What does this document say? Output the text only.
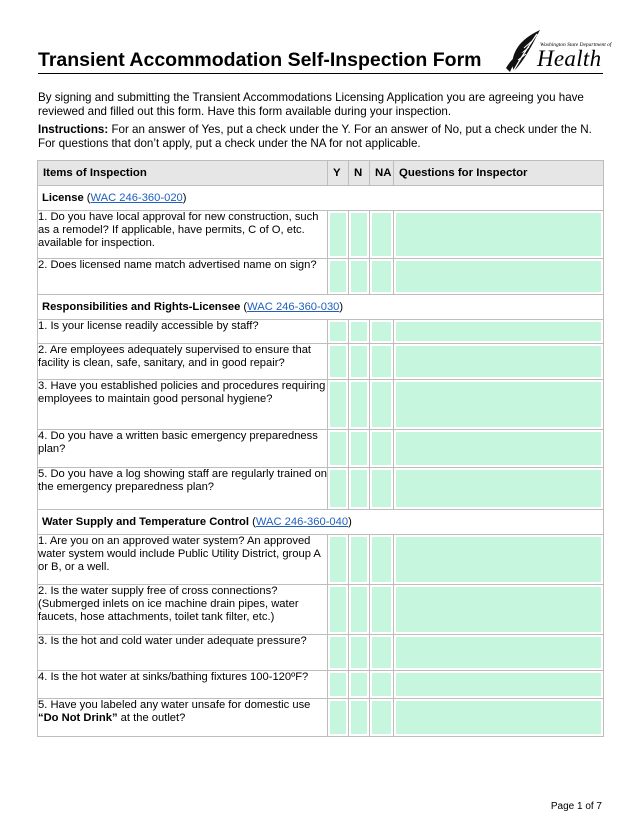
Transient Accommodation Self-Inspection Form
Washington State Department of
Health

By signing and submitting the Transient Accommodations Licensing Application you are agreeing you have reviewed and filled out this form. Have this form available during your inspection.

Instructions: For an answer of Yes, put a check under the Y. For an answer of No, put a check under the N. For questions that don’t apply, put a check under the NA for not applicable.

Items of Inspection	Y	N	NA	Questions for Inspector
License (WAC 246-360-020)				
1. Do you have local approval for new construction, such as a remodel? If applicable, have permits, C of O, etc. available for inspection.	

2. Does licensed name match advertised name on sign?	

Responsibilities and Rights-Licensee (WAC 246-360-030)				
1. Is your license readily accessible by staff?	

2. Are employees adequately supervised to ensure that facility is clean, safe, sanitary, and in good repair?	

3. Have you established policies and procedures requiring employees to maintain good personal hygiene?	

4. Do you have a written basic emergency preparedness plan?	

5. Do you have a log showing staff are regularly trained on the emergency preparedness plan?	

Water Supply and Temperature Control (WAC 246-360-040)				
1. Are you on an approved water system? An approved water system would include Public Utility District, group A or B, or a well.	

2. Is the water supply free of cross connections? (Submerged inlets on ice machine drain pipes, water faucets, hose attachments, toilet tank filter, etc.)	

3. Is the hot and cold water under adequate pressure?	

4. Is the hot water at sinks/bathing fixtures 100-120ºF?	

5. Have you labeled any water unsafe for domestic use “Do Not Drink” at the outlet?	

Page 1 of 7
